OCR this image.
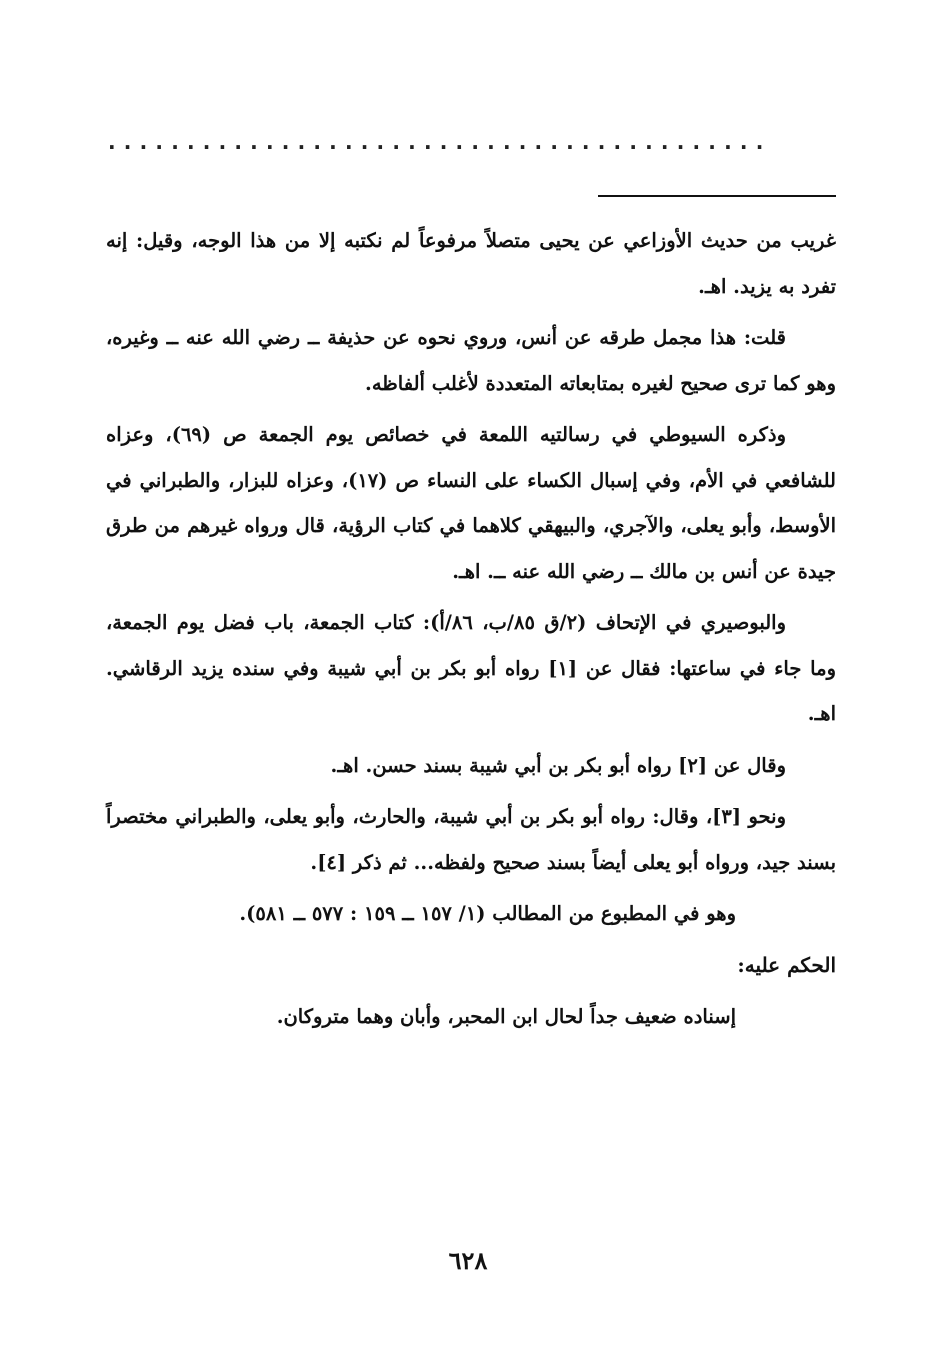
..........................................

غريب من حديث الأوزاعي عن يحيى متصلاً مرفوعاً لم نكتبه إلا من هذا الوجه، وقيل: إنه تفرد به يزيد. اهـ.

قلت: هذا مجمل طرقه عن أنس، وروي نحوه عن حذيفة ــ رضي الله عنه ــ وغيره، وهو كما ترى صحيح لغيره بمتابعاته المتعددة لأغلب ألفاظه.

وذكره السيوطي في رسالتيه اللمعة في خصائص يوم الجمعة ص (٦٩)، وعزاه للشافعي في الأم، وفي إسبال الكساء على النساء ص (١٧)، وعزاه للبزار، والطبراني في الأوسط، وأبو يعلى، والآجري، والبيهقي كلاهما في كتاب الرؤية، قال ورواه غيرهم من طرق جيدة عن أنس بن مالك ــ رضي الله عنه ــ. اهـ.

والبوصيري في الإتحاف (٢/ق ٨٥/ب، ٨٦/أ): كتاب الجمعة، باب فضل يوم الجمعة، وما جاء في ساعتها: فقال عن [١] رواه أبو بكر بن أبي شيبة وفي سنده يزيد الرقاشي. اهـ.

وقال عن [٢] رواه أبو بكر بن أبي شيبة بسند حسن. اهـ.

ونحو [٣]، وقال: رواه أبو بكر بن أبي شيبة، والحارث، وأبو يعلى، والطبراني مختصراً بسند جيد، ورواه أبو يعلى أيضاً بسند صحيح ولفظه... ثم ذكر [٤].

وهو في المطبوع من المطالب (١/ ١٥٧ ــ ١٥٩ : ٥٧٧ ــ ٥٨١).

الحكم عليه:

إسناده ضعيف جداً لحال ابن المحبر، وأبان وهما متروكان.

٦٢٨
